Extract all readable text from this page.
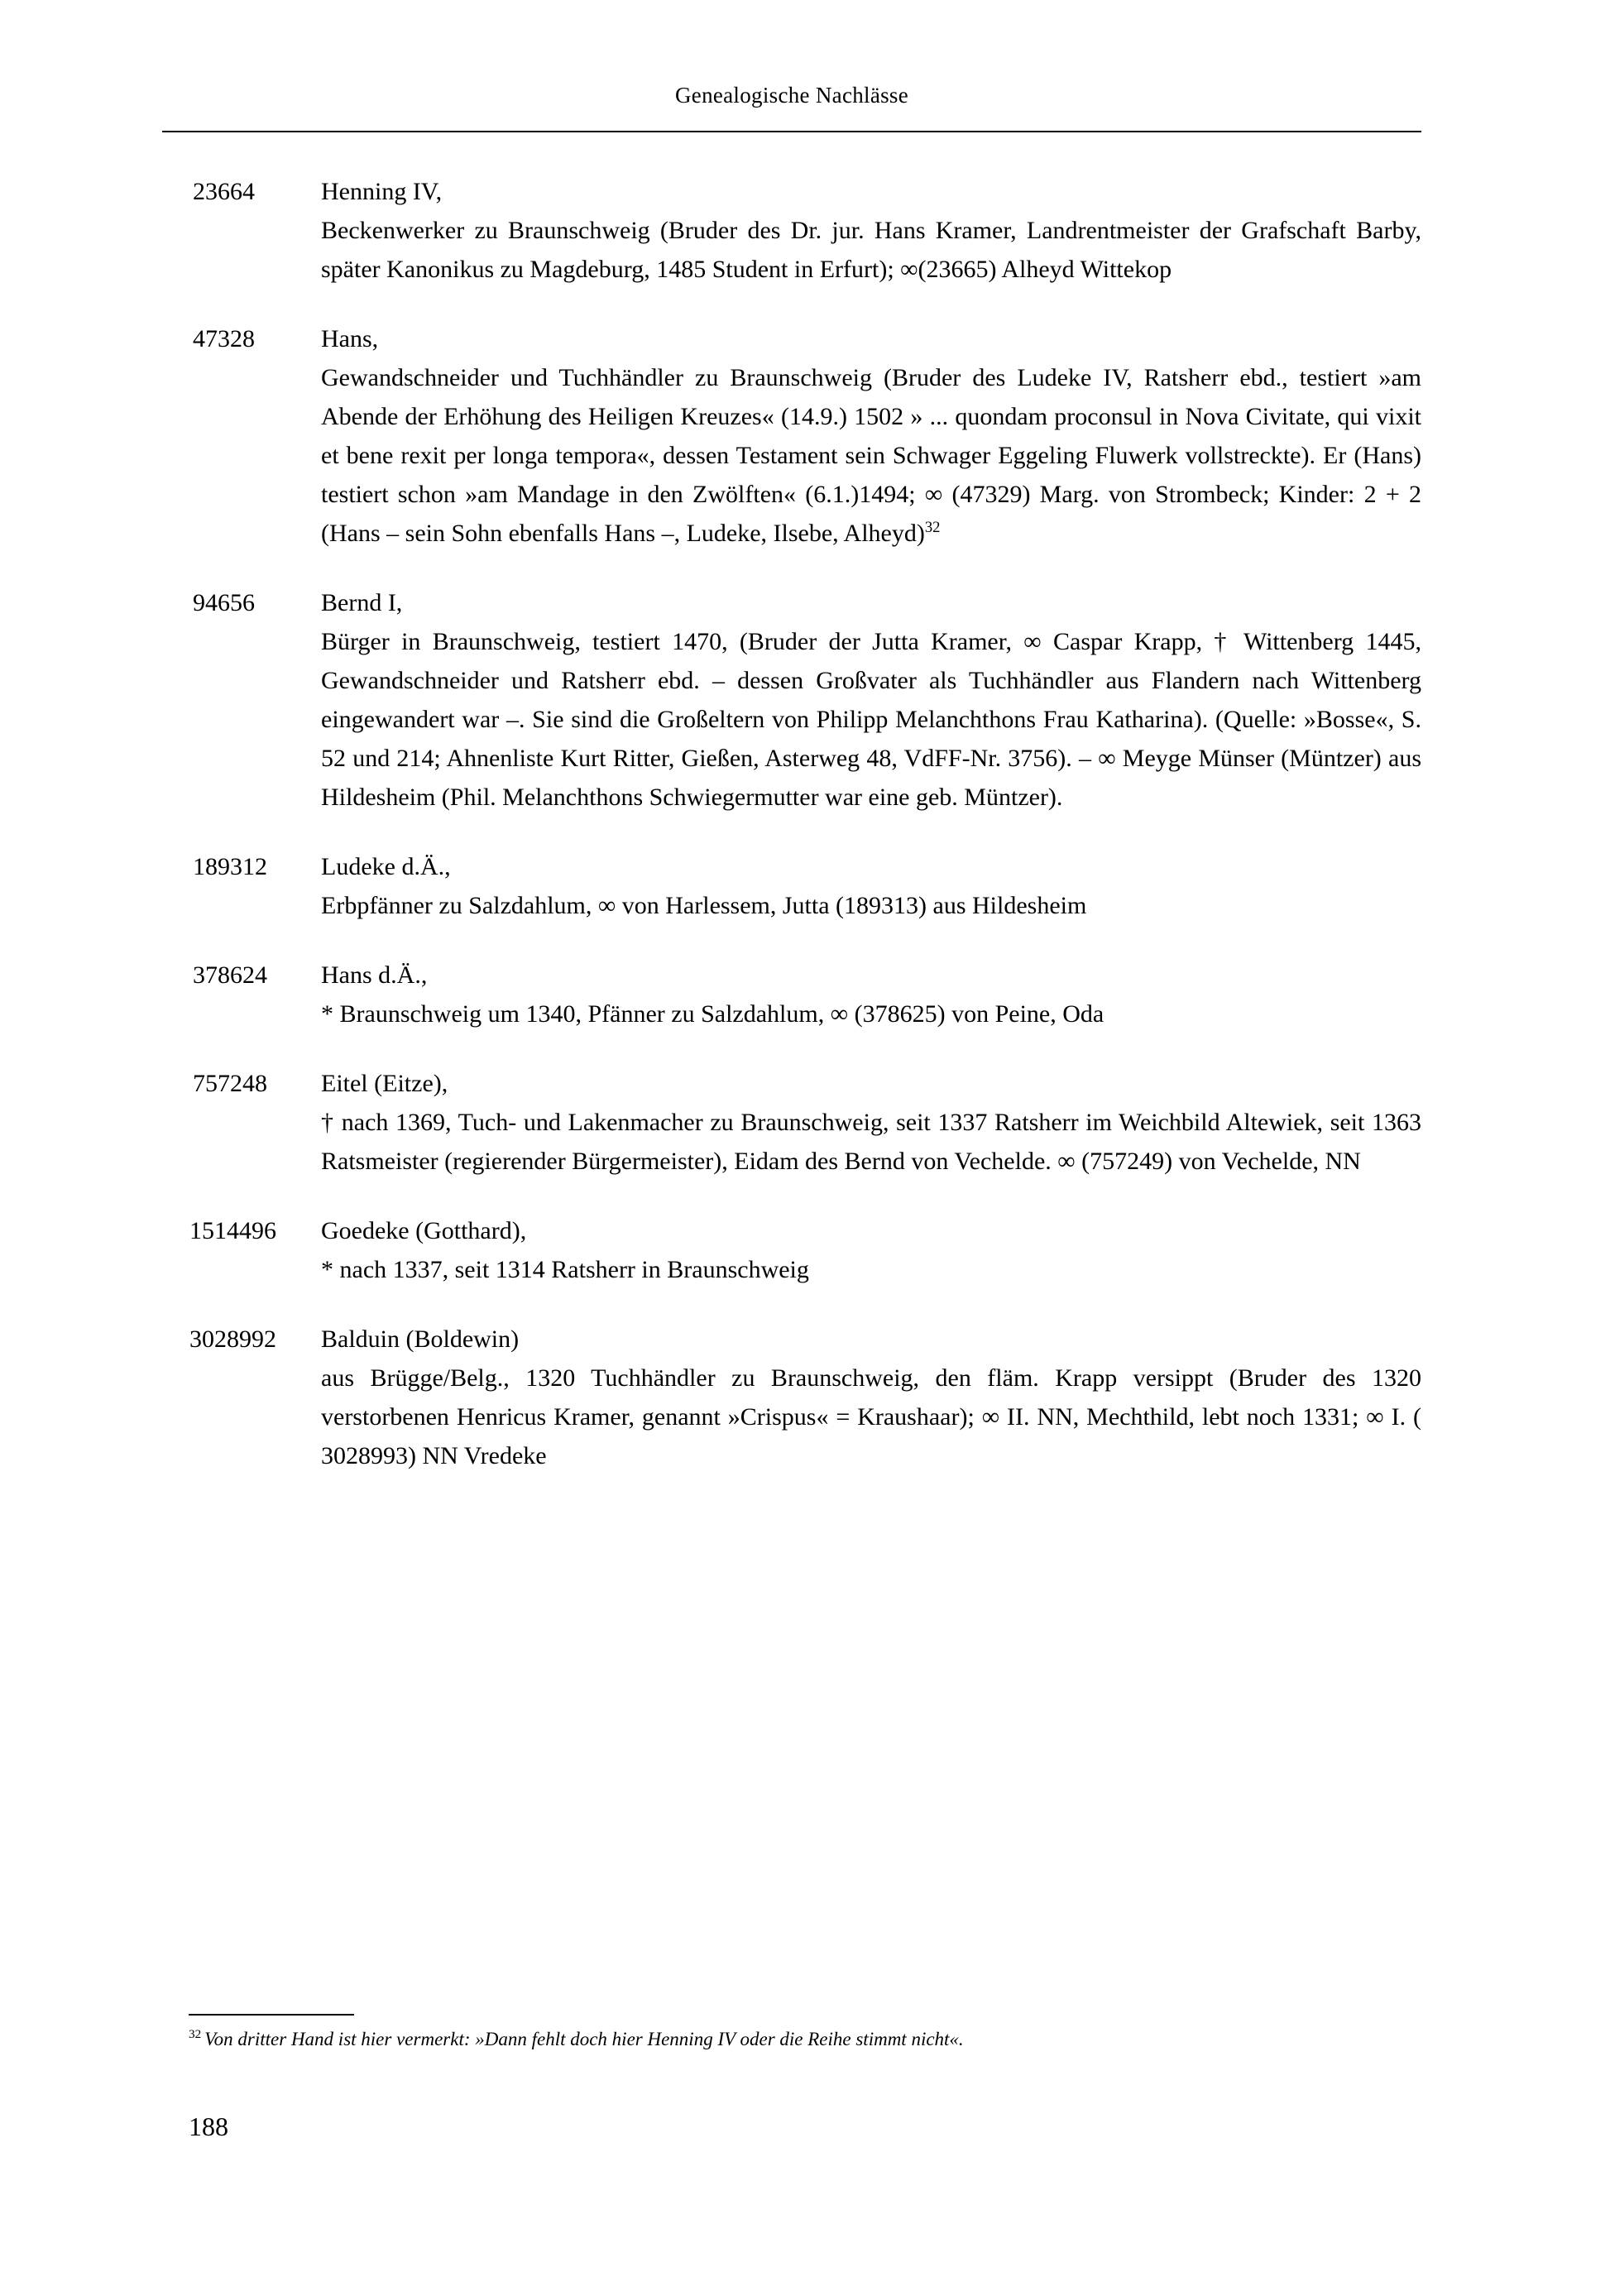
Genealogische Nachlässe
23664	Henning IV,
Beckenwerker zu Braunschweig (Bruder des Dr. jur. Hans Kramer, Landrentmeister der Grafschaft Barby, später Kanonikus zu Magdeburg, 1485 Student in Erfurt); ∞(23665) Alheyd Wittekop
47328	Hans,
Gewandschneider und Tuchhändler zu Braunschweig (Bruder des Ludeke IV, Ratsherr ebd., testiert »am Abende der Erhöhung des Heiligen Kreuzes« (14.9.) 1502 » ... quondam proconsul in Nova Civitate, qui vixit et bene rexit per longa tempora«, dessen Testament sein Schwager Eggeling Fluwerk vollstreckte). Er (Hans) testiert schon »am Mandage in den Zwölften« (6.1.)1494; ∞ (47329) Marg. von Strombeck; Kinder: 2 + 2 (Hans – sein Sohn ebenfalls Hans –, Ludeke, Ilsebe, Alheyd)$^{32}$
94656	Bernd I,
Bürger in Braunschweig, testiert 1470, (Bruder der Jutta Kramer, ∞ Caspar Krapp, † Wittenberg 1445, Gewandschneider und Ratsherr ebd. – dessen Großvater als Tuchhändler aus Flandern nach Wittenberg eingewandert war –. Sie sind die Großeltern von Philipp Melanchthons Frau Katharina). (Quelle: »Bosse«, S. 52 und 214; Ahnenliste Kurt Ritter, Gießen, Asterweg 48, VdFF-Nr. 3756). – ∞ Meyge Münser (Müntzer) aus Hildesheim (Phil. Melanchthons Schwiegermutter war eine geb. Müntzer).
189312	Ludeke d.Ä.,
Erbpfänner zu Salzdahlum, ∞ von Harlessem, Jutta (189313) aus Hildesheim
378624	Hans d.Ä.,
* Braunschweig um 1340, Pfänner zu Salzdahlum, ∞ (378625) von Peine, Oda
757248	Eitel (Eitze),
† nach 1369, Tuch- und Lakenmacher zu Braunschweig, seit 1337 Ratsherr im Weichbild Altewiek, seit 1363 Ratsmeister (regierender Bürgermeister), Eidam des Bernd von Vechelde. ∞ (757249) von Vechelde, NN
1514496	Goedeke (Gotthard),
* nach 1337, seit 1314 Ratsherr in Braunschweig
3028992	Balduin (Boldewin)
aus Brügge/Belg., 1320 Tuchhändler zu Braunschweig, den fläm. Krapp versippt (Bruder des 1320 verstorbenen Henricus Kramer, genannt »Crispus« = Kraushaar); ∞ II. NN, Mechthild, lebt noch 1331; ∞ I. ( 3028993) NN Vredeke
$^{32}$ Von dritter Hand ist hier vermerkt: »Dann fehlt doch hier Henning IV oder die Reihe stimmt nicht«.
188
